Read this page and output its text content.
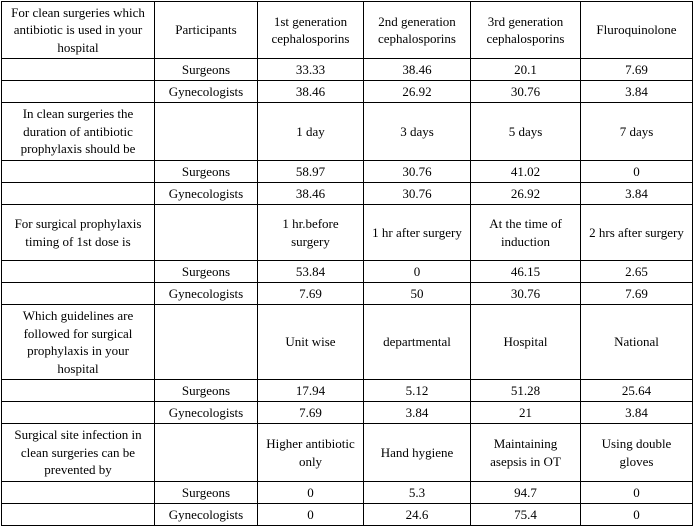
For clean surgeries which antibiotic is used in your hospital	Participants	1st generation cephalosporins	2nd generation cephalosporins	3rd generation cephalosporins	Fluroquinolone
	Surgeons	33.33	38.46	20.1	7.69
	Gynecologists	38.46	26.92	30.76	3.84
In clean surgeries the duration of antibiotic prophylaxis should be		1 day	3 days	5 days	7 days
	Surgeons	58.97	30.76	41.02	0
	Gynecologists	38.46	30.76	26.92	3.84
For surgical prophylaxis timing of 1st dose is		1 hr.before surgery	1 hr after surgery	At the time of induction	2 hrs after surgery
	Surgeons	53.84	0	46.15	2.65
	Gynecologists	7.69	50	30.76	7.69
Which guidelines are followed for surgical prophylaxis in your hospital		Unit wise	departmental	Hospital	National
	Surgeons	17.94	5.12	51.28	25.64
	Gynecologists	7.69	3.84	21	3.84
Surgical site infection in clean surgeries can be prevented by		Higher antibiotic only	Hand hygiene	Maintaining asepsis in OT	Using double gloves
	Surgeons	0	5.3	94.7	0
	Gynecologists	0	24.6	75.4	0
